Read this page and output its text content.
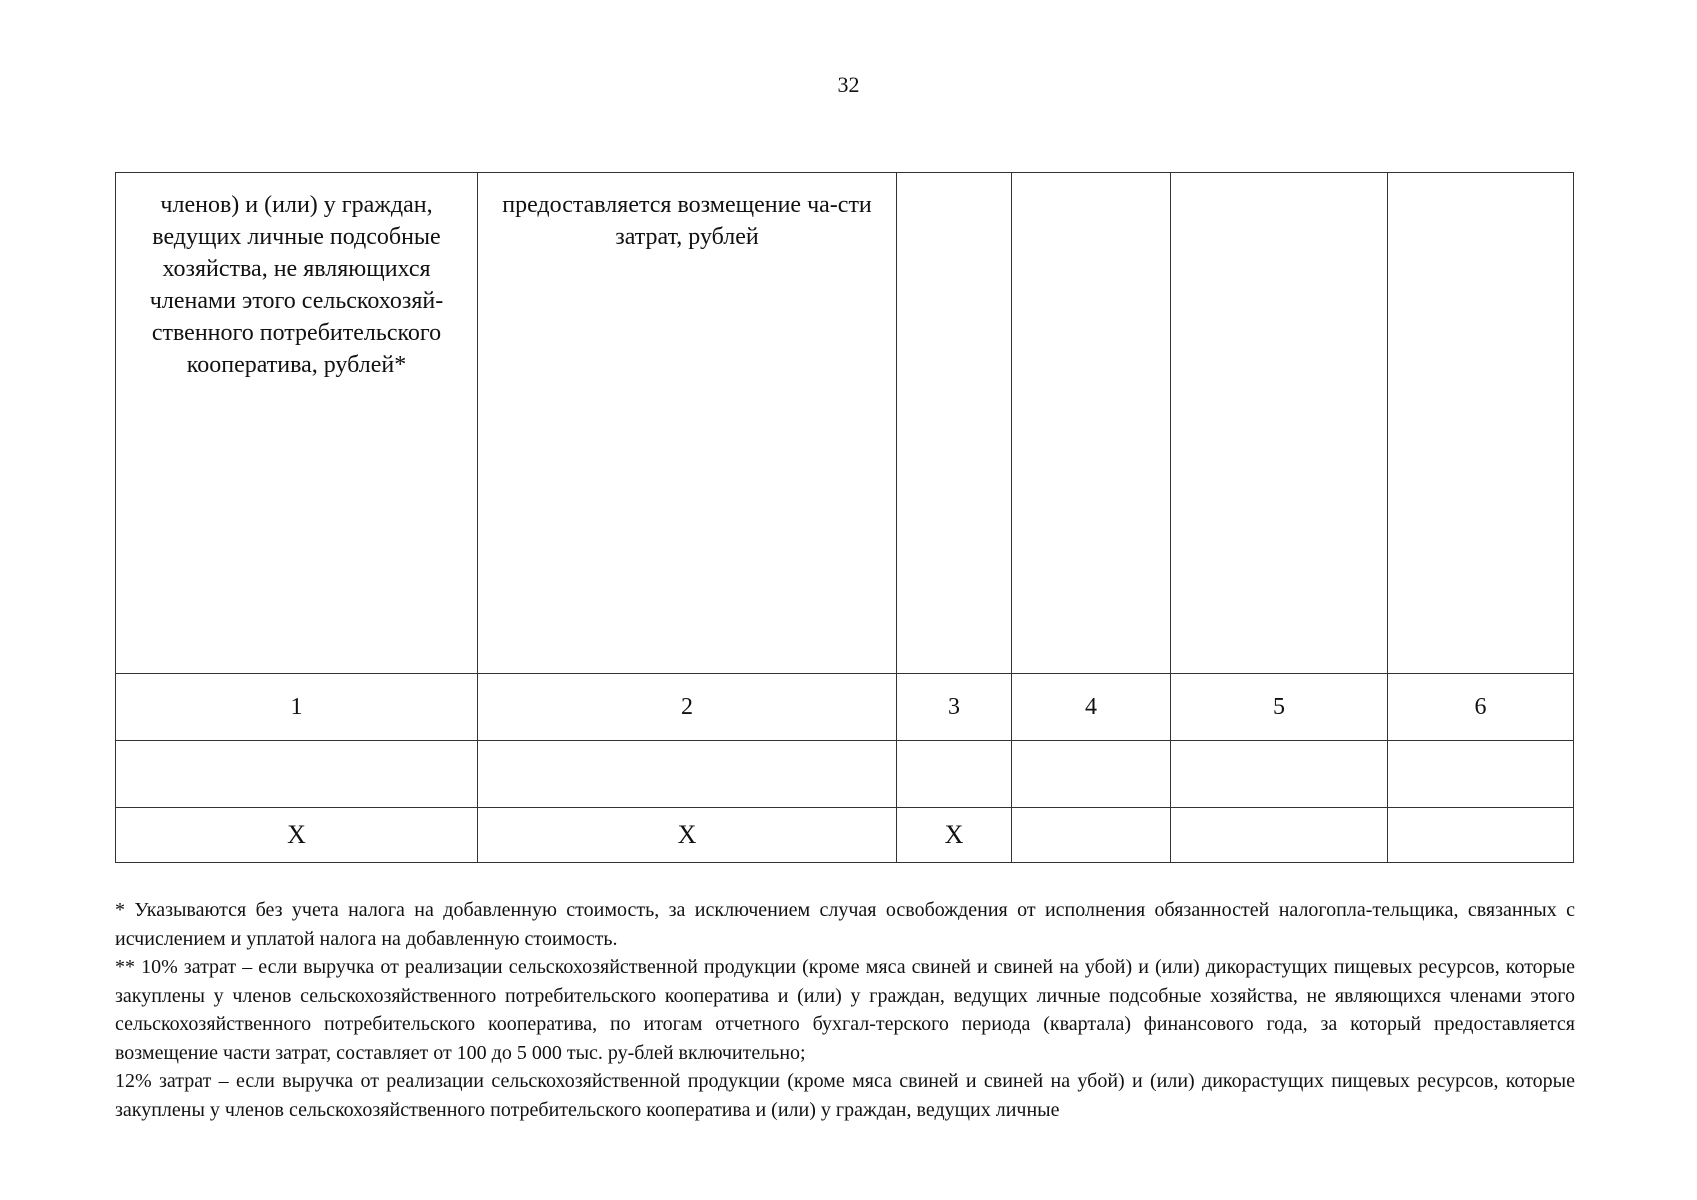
32
членов) и (или) у граждан, ведущих личные подсобные хозяйства, не являющихся членами этого сельскохозяй-ственного потребительского кооператива, рублей*	предоставляется возмещение ча-сти затрат, рублей				

1	2	3	4	5	6

Х	Х	Х			

* Указываются без учета налога на добавленную стоимость, за исключением случая освобождения от исполнения обязанностей налогопла-тельщика, связанных с исчислением и уплатой налога на добавленную стоимость.

** 10% затрат – если выручка от реализации сельскохозяйственной продукции (кроме мяса свиней и свиней на убой) и (или) дикорастущих пищевых ресурсов, которые закуплены у членов сельскохозяйственного потребительского кооператива и (или) у граждан, ведущих личные подсобные хозяйства, не являющихся членами этого сельскохозяйственного потребительского кооператива, по итогам отчетного бухгал-терского периода (квартала) финансового года, за который предоставляется возмещение части затрат, составляет от 100 до 5 000 тыс. ру-блей включительно;

12% затрат – если выручка от реализации сельскохозяйственной продукции (кроме мяса свиней и свиней на убой) и (или) дикорастущих пищевых ресурсов, которые закуплены у членов сельскохозяйственного потребительского кооператива и (или) у граждан, ведущих личные
